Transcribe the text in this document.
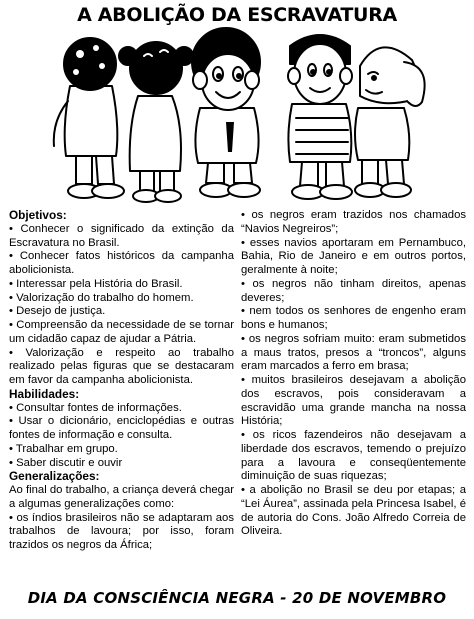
A ABOLIÇÃO DA ESCRAVATURA

Objetivos:

• Conhecer o significado da extinção da Escravatura no Brasil.

• Conhecer fatos históricos da campanha abolicionista.

• Interessar pela História do Brasil.

• Valorização do trabalho do homem.

• Desejo de justiça.

• Compreensão da necessidade de se tornar um cidadão capaz de ajudar a Pátria.

• Valorização e respeito ao trabalho realizado pelas figuras que se destacaram em favor da campanha abolicionista.

Habilidades:

• Consultar fontes de informações.

• Usar o dicionário, enciclopédias e outras fontes de informação e consulta.

• Trabalhar em grupo.

• Saber discutir e ouvir

Generalizações:

Ao final do trabalho, a criança deverá chegar a algumas generalizações como:

• os índios brasileiros não se adaptaram aos trabalhos de lavoura; por isso, foram trazidos os negros da África;

• os negros eram trazidos nos chamados “Navios Negreiros”;

• esses navios aportaram em Pernambuco, Bahia, Rio de Janeiro e em outros portos, geralmente à noite;

• os negros não tinham direitos, apenas deveres;

• nem todos os senhores de engenho eram bons e humanos;

• os negros sofriam muito: eram submetidos a maus tratos, presos a “troncos”, alguns eram marcados a ferro em brasa;

• muitos brasileiros desejavam a abolição dos escravos, pois consideravam a escravidão uma grande mancha na nossa História;

• os ricos fazendeiros não desejavam a liberdade dos escravos, temendo o prejuízo para a lavoura e conseqüentemente diminuição de suas riquezas;

• a abolição no Brasil se deu por etapas; a “Lei Áurea”, assinada pela Princesa Isabel, é de autoria do Cons. João Alfredo Correia de Oliveira.

DIA DA CONSCIÊNCIA NEGRA - 20 DE NOVEMBRO
